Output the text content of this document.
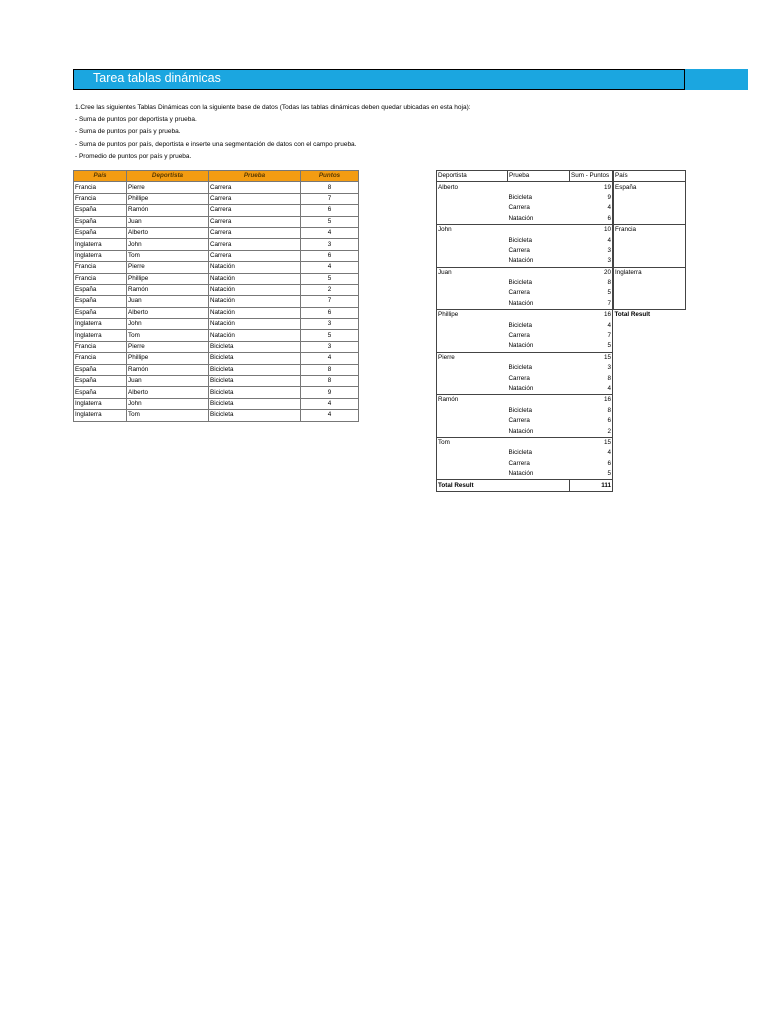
Tarea tablas dinámicas
1.Cree las siguientes Tablas Dinámicas con la siguiente base de datos (Todas las tablas dinámicas deben quedar ubicadas en esta hoja):
- Suma de puntos por deportista y prueba.
- Suma de puntos por país y prueba.
- Suma de puntos por país, deportista e inserte una segmentación de datos con el campo prueba.
- Promedio de puntos por país y prueba.
País	Deportista	Prueba	Puntos
Francia	Pierre	Carrera	8
Francia	Phillipe	Carrera	7
España	Ramón	Carrera	6
España	Juan	Carrera	5
España	Alberto	Carrera	4
Inglaterra	John	Carrera	3
Inglaterra	Tom	Carrera	6
Francia	Pierre	Natación	4
Francia	Phillipe	Natación	5
España	Ramón	Natación	2
España	Juan	Natación	7
España	Alberto	Natación	6
Inglaterra	John	Natación	3
Inglaterra	Tom	Natación	5
Francia	Pierre	Bicicleta	3
Francia	Phillipe	Bicicleta	4
España	Ramón	Bicicleta	8
España	Juan	Bicicleta	8
España	Alberto	Bicicleta	9
Inglaterra	John	Bicicleta	4
Inglaterra	Tom	Bicicleta	4
Deportista	Prueba	Sum - Puntos
Alberto		19
	Bicicleta	9
	Carrera	4
	Natación	6
John		10
	Bicicleta	4
	Carrera	3
	Natación	3
Juan		20
	Bicicleta	8
	Carrera	5
	Natación	7
Phillipe		16
	Bicicleta	4
	Carrera	7
	Natación	5
Pierre		15
	Bicicleta	3
	Carrera	8
	Natación	4
Ramón		16
	Bicicleta	8
	Carrera	6
	Natación	2
Tom		15
	Bicicleta	4
	Carrera	6
	Natación	5
Total Result		111
País
España

Francia

Inglaterra

Total Result
